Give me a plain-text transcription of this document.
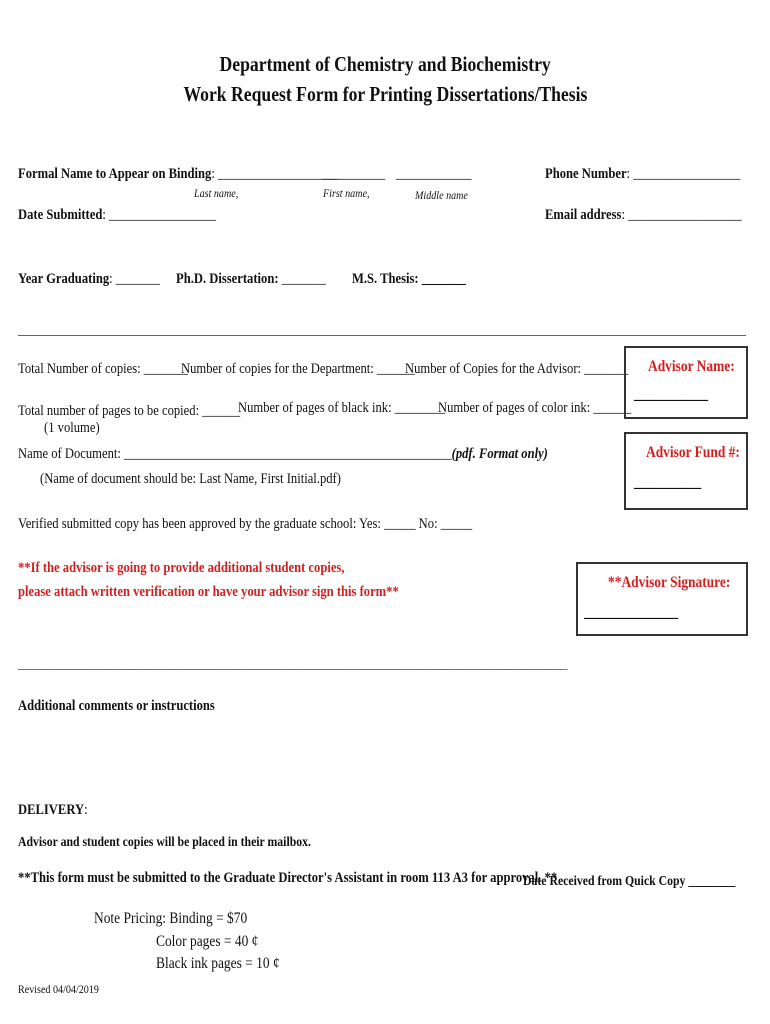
Department of Chemistry and Biochemistry
Work Request Form for Printing Dissertations/Thesis
Formal Name to Appear on Binding: ___________________
__________ ____________
Last name,	First name,	Middle name
Phone Number: _________________
Date Submitted: _________________	Email address: __________________
Year Graduating: _______	Ph.D. Dissertation: _______	M.S. Thesis: _______
Total Number of copies: _______
Number of copies for the Department: ______
Number of Copies for the Advisor: _______
Total number of pages to be copied: ______
(1 volume)
Number of pages of black ink: ________
Number of pages of color ink: ______
Name of Document: ____________________________________________________(pdf. Format only)
(Name of document should be: Last Name, First Initial.pdf)
Verified submitted copy has been approved by the graduate school: Yes: _____ No: _____
**If the advisor is going to provide additional student copies,
please attach written verification or have your advisor sign this form**
Advisor Name:
___________
Advisor Fund #:
__________
**Advisor Signature:
______________
_____________________________________________________________________________________________________________
Additional comments or instructions
DELIVERY:
Advisor and student copies will be placed in their mailbox.
**This form must be submitted to the Graduate Director's Assistant in room 113 A3 for approval. **
Date Received from Quick Copy ________
Note Pricing: Binding = $70
Color pages = 40 ¢
Black ink pages = 10 ¢
Revised 04/04/2019
